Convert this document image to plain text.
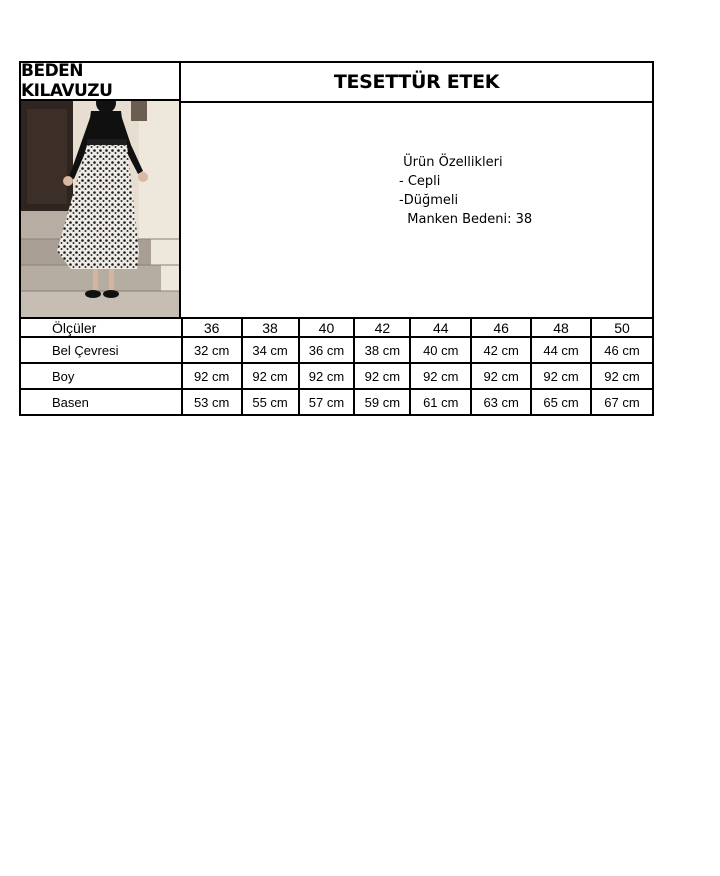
BEDEN KILAVUZU	TESETTÜR ETEK
Ürün Özellikleri
- Cepli
-Düğmeli
Manken Bedeni: 38
Ölçüler	36	38	40	42	44	46	48	50
Bel Çevresi	32 cm	34 cm	36 cm	38 cm	40 cm	42 cm	44 cm	46 cm
Boy	92 cm	92 cm	92 cm	92 cm	92 cm	92 cm	92 cm	92 cm
Basen	53 cm	55 cm	57 cm	59 cm	61 cm	63 cm	65 cm	67 cm
